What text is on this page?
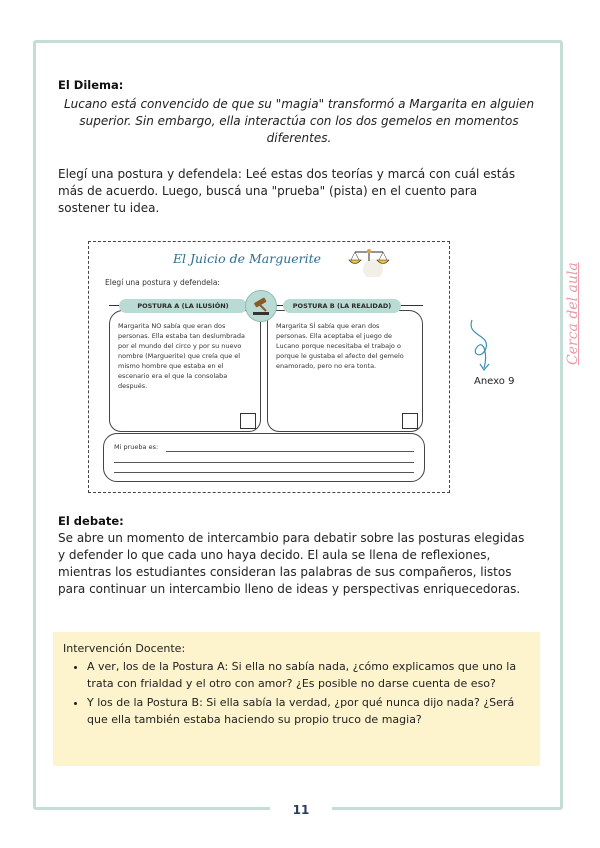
11
El Dilema:
Lucano está convencido de que su "magia" transformó a Margarita en alguien superior. Sin embargo, ella interactúa con los dos gemelos en momentos diferentes.
Elegí una postura y defendela: Leé estas dos teorías y marcá con cuál estás más de acuerdo. Luego, buscá una "prueba" (pista) en el cuento para sostener tu idea.
El Juicio de Marguerite
Elegí una postura y defendela:
Margarita NO sabía que eran dos personas. Ella estaba tan deslumbrada por el mundo del circo y por su nuevo nombre (Marguerite) que creía que el mismo hombre que estaba en el escenario era el que la consolaba después.
Margarita SÍ sabía que eran dos personas. Ella aceptaba el juego de Lucano porque necesitaba el trabajo o porque le gustaba el afecto del gemelo enamorado, pero no era tonta.
POSTURA A (LA ILUSIÓN)	POSTURA B (LA REALIDAD)
Mi prueba es:
Anexo 9
Cerca del aula
El debate:
Se abre un momento de intercambio para debatir sobre las posturas elegidas y defender lo que cada uno haya decido. El aula se llena de reflexiones, mientras los estudiantes consideran las palabras de sus compañeros, listos para continuar un intercambio lleno de ideas y perspectivas enriquecedoras.
Intervención Docente:
• A ver, los de la Postura A: Si ella no sabía nada, ¿cómo explicamos que uno la trata con frialdad y el otro con amor? ¿Es posible no darse cuenta de eso?
• Y los de la Postura B: Si ella sabía la verdad, ¿por qué nunca dijo nada? ¿Será que ella también estaba haciendo su propio truco de magia?
